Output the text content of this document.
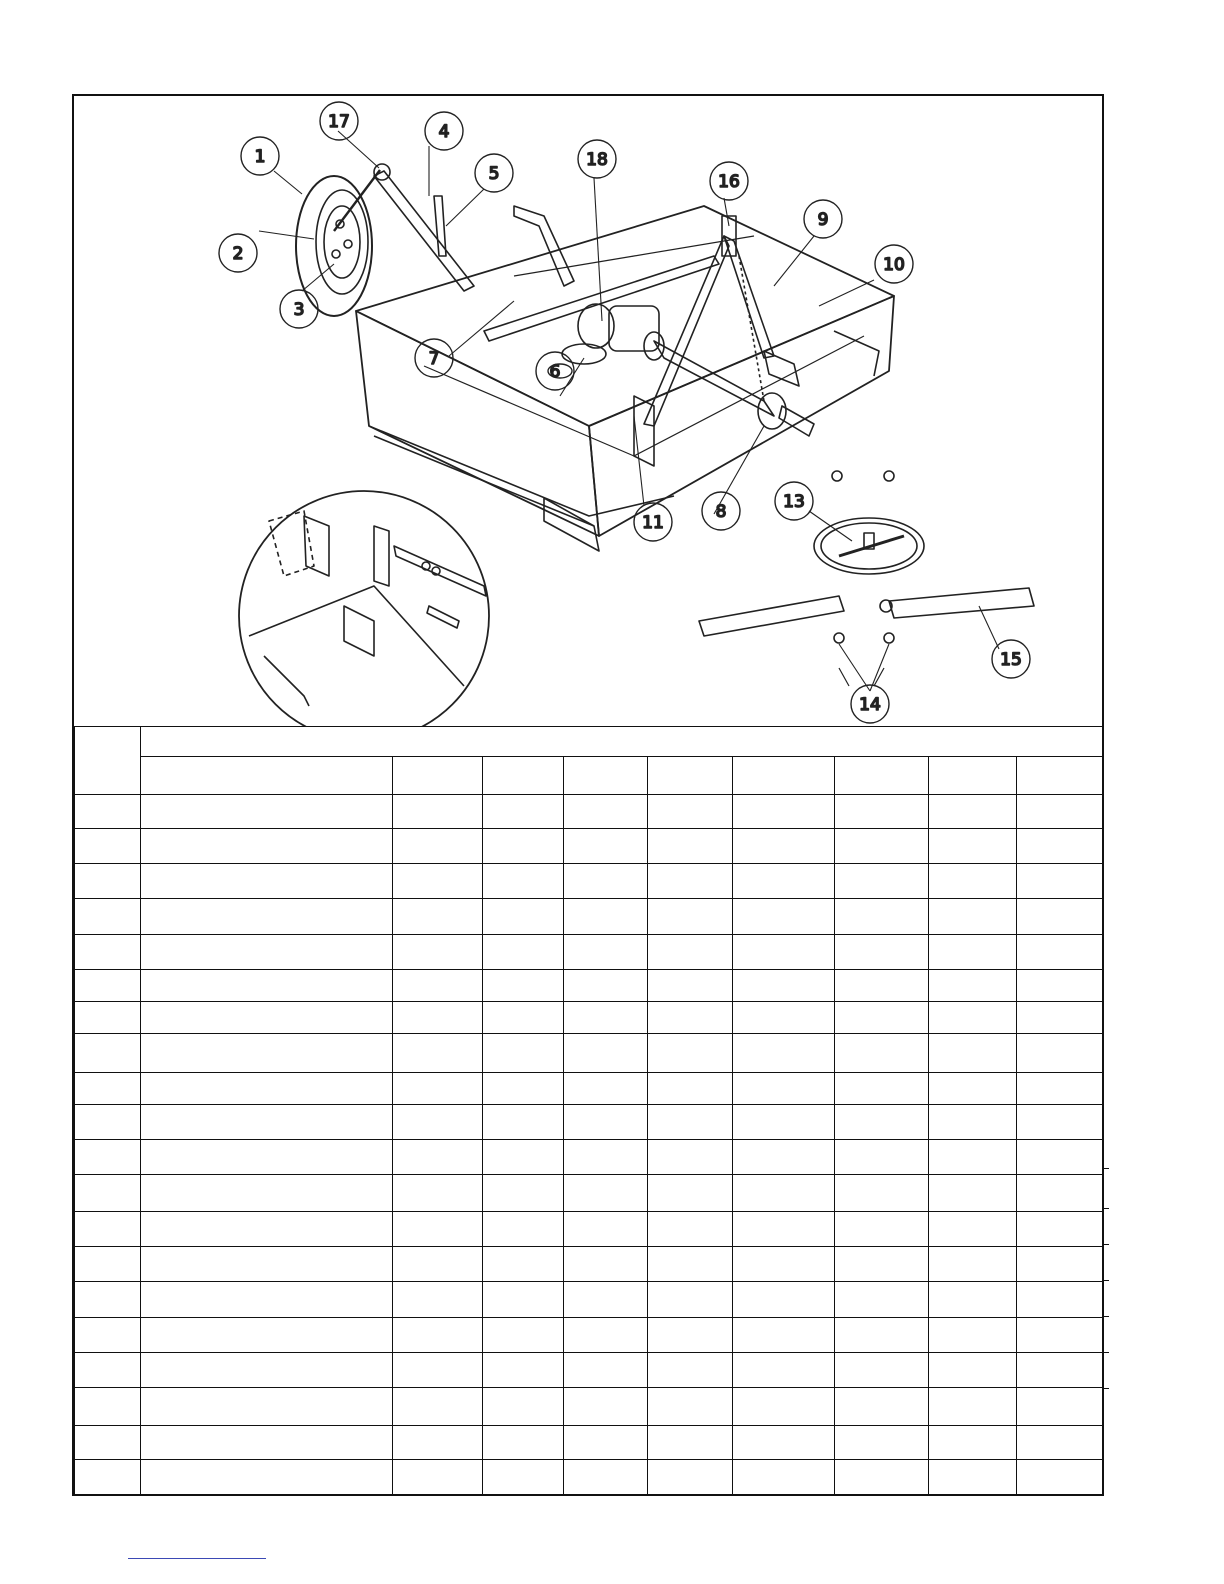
1
2
3
4
5
6
7
8
9
10
11
13
14
15
16
17
18
